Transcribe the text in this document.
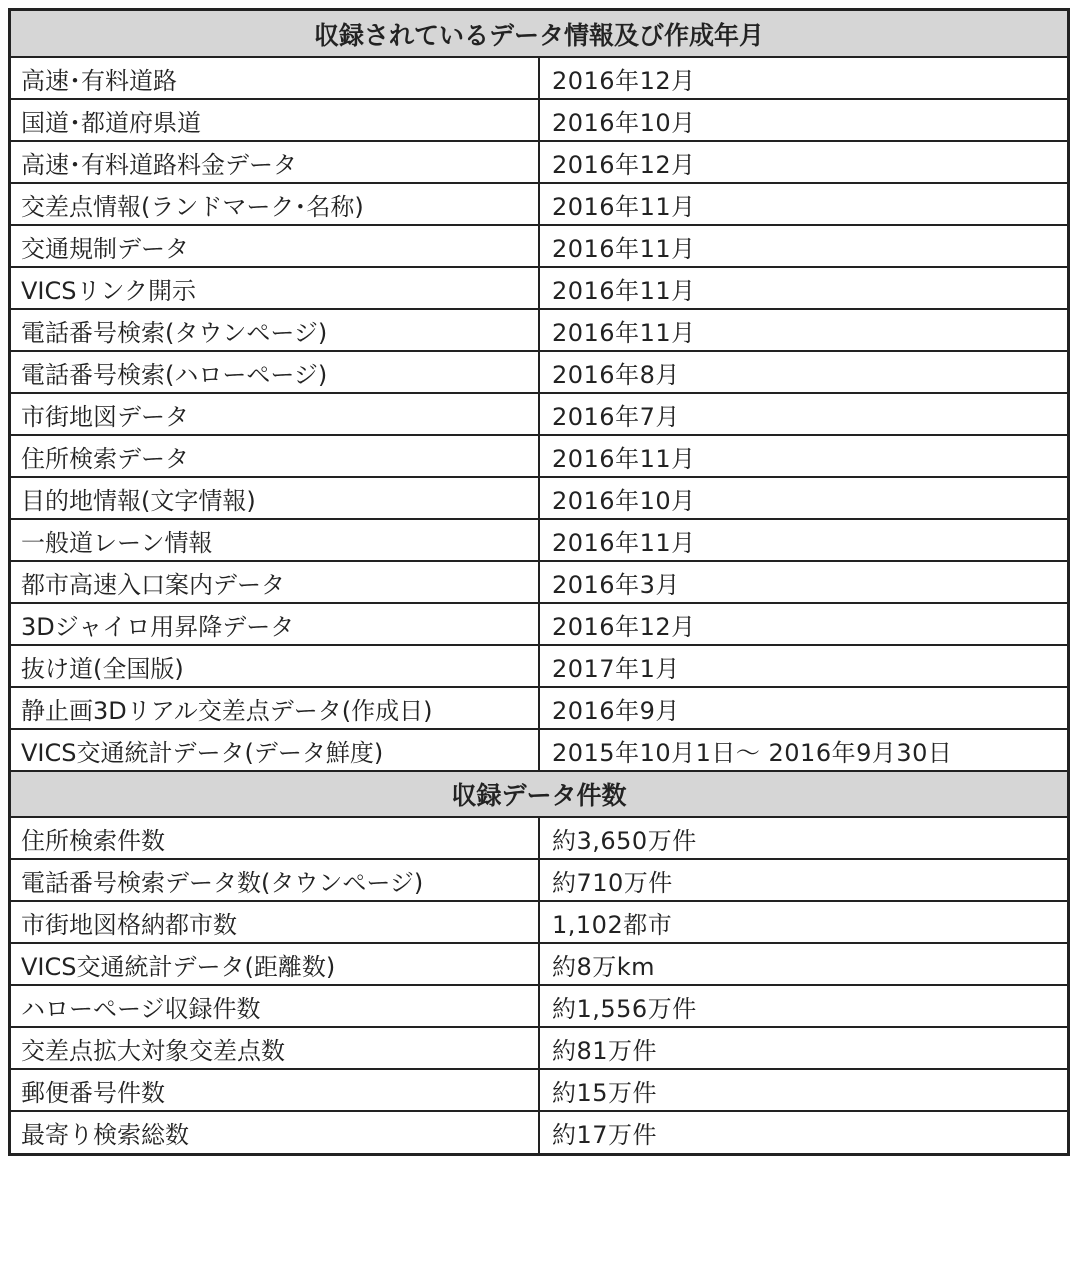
収録されているデータ情報及び作成年月	
高速･有料道路	2016年12月
国道･都道府県道	2016年10月
高速･有料道路料金データ	2016年12月
交差点情報(ランドマーク･名称)	2016年11月
交通規制データ	2016年11月
VICSリンク開示	2016年11月
電話番号検索(タウンページ)	2016年11月
電話番号検索(ハローページ)	2016年8月
市街地図データ	2016年7月
住所検索データ	2016年11月
目的地情報(文字情報)	2016年10月
一般道レーン情報	2016年11月
都市高速入口案内データ	2016年3月
3Dジャイロ用昇降データ	2016年12月
抜け道(全国版)	2017年1月
静止画3Dリアル交差点データ(作成日)	2016年9月
VICS交通統計データ(データ鮮度)	2015年10月1日～ 2016年9月30日
収録データ件数	
住所検索件数	約3,650万件
電話番号検索データ数(タウンページ)	約710万件
市街地図格納都市数	1,102都市
VICS交通統計データ(距離数)	約8万km
ハローページ収録件数	約1,556万件
交差点拡大対象交差点数	約81万件
郵便番号件数	約15万件
最寄り検索総数	約17万件
